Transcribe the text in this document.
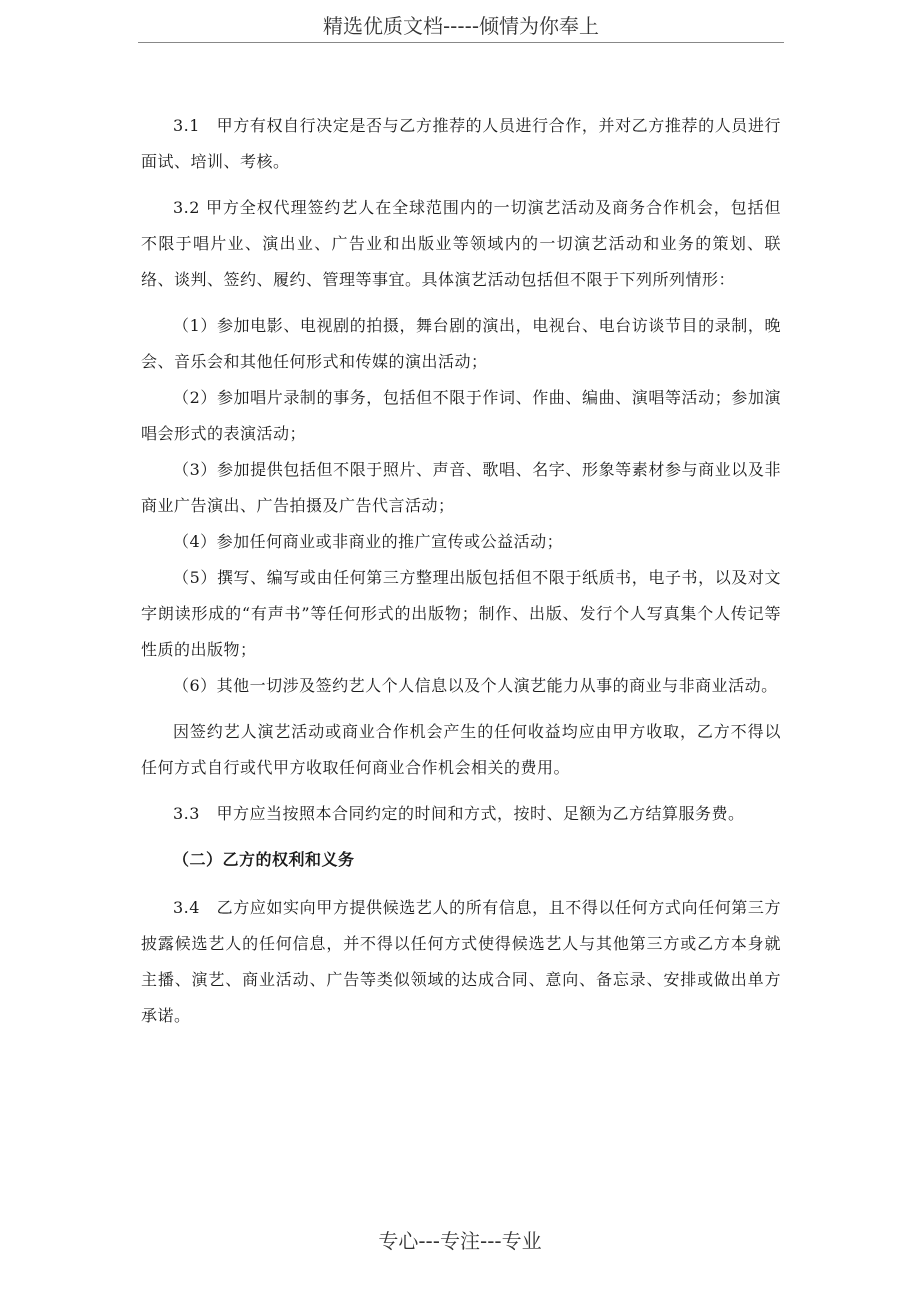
精选优质文档-----倾情为你奉上

3.1　甲方有权自行决定是否与乙方推荐的人员进行合作，并对乙方推荐的人员进行面试、培训、考核。

3.2 甲方全权代理签约艺人在全球范围内的一切演艺活动及商务合作机会，包括但不限于唱片业、演出业、广告业和出版业等领域内的一切演艺活动和业务的策划、联络、谈判、签约、履约、管理等事宜。具体演艺活动包括但不限于下列所列情形：

（1）参加电影、电视剧的拍摄，舞台剧的演出，电视台、电台访谈节目的录制，晚会、音乐会和其他任何形式和传媒的演出活动；

（2）参加唱片录制的事务，包括但不限于作词、作曲、编曲、演唱等活动；参加演唱会形式的表演活动；

（3）参加提供包括但不限于照片、声音、歌唱、名字、形象等素材参与商业以及非商业广告演出、广告拍摄及广告代言活动；

（4）参加任何商业或非商业的推广宣传或公益活动；

（5）撰写、编写或由任何第三方整理出版包括但不限于纸质书，电子书，以及对文字朗读形成的“有声书”等任何形式的出版物；制作、出版、发行个人写真集个人传记等性质的出版物；

（6）其他一切涉及签约艺人个人信息以及个人演艺能力从事的商业与非商业活动。

因签约艺人演艺活动或商业合作机会产生的任何收益均应由甲方收取，乙方不得以任何方式自行或代甲方收取任何商业合作机会相关的费用。

3.3　甲方应当按照本合同约定的时间和方式，按时、足额为乙方结算服务费。

（二）乙方的权利和义务

3.4　乙方应如实向甲方提供候选艺人的所有信息，且不得以任何方式向任何第三方披露候选艺人的任何信息，并不得以任何方式使得候选艺人与其他第三方或乙方本身就主播、演艺、商业活动、广告等类似领域的达成合同、意向、备忘录、安排或做出单方承诺。

专心---专注---专业
